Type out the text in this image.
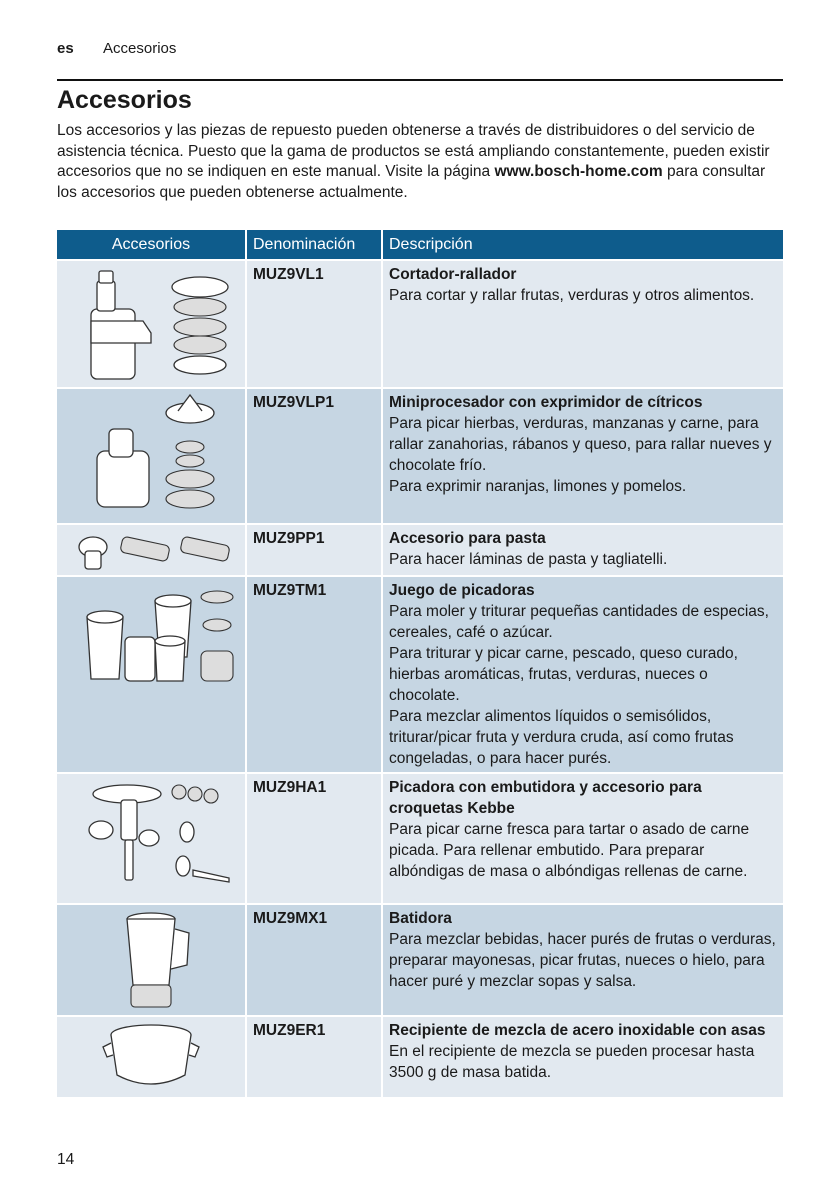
es Accesorios
Accesorios

Los accesorios y las piezas de repuesto pueden obtenerse a través de distribuidores o del servicio de asistencia técnica. Puesto que la gama de productos se está ampliando constantemente, pueden existir accesorios que no se indiquen en este manual. Visite la página www.bosch-home.com para consultar los accesorios que pueden obtenerse actualmente.

Accesorios	Denominación	Descripción

	MUZ9VL1	Cortador-rallador
Para cortar y rallar frutas, verduras y otros alimentos.

	MUZ9VLP1	Miniprocesador con exprimidor de cítricos
Para picar hierbas, verduras, manzanas y carne, para rallar zanahorias, rábanos y queso, para rallar nueves y chocolate frío.
Para exprimir naranjas, limones y pomelos.

	MUZ9PP1	Accesorio para pasta
Para hacer láminas de pasta y tagliatelli.

	MUZ9TM1	Juego de picadoras
Para moler y triturar pequeñas cantidades de especias, cereales, café o azúcar.
Para triturar y picar carne, pescado, queso curado, hierbas aromáticas, frutas, verduras, nueces o chocolate.
Para mezclar alimentos líquidos o semisólidos, triturar/picar fruta y verdura cruda, así como frutas congeladas, o para hacer purés.

	MUZ9HA1	Picadora con embutidora y accesorio para croquetas Kebbe
Para picar carne fresca para tartar o asado de carne picada. Para rellenar embutido. Para preparar albóndigas de masa o albóndigas rellenas de carne.

	MUZ9MX1	Batidora
Para mezclar bebidas, hacer purés de frutas o verduras, preparar mayonesas, picar frutas, nueces o hielo, para hacer puré y mezclar sopas y salsa.

	MUZ9ER1	Recipiente de mezcla de acero inoxidable con asas
En el recipiente de mezcla se pueden procesar hasta 3500 g de masa batida.
14
